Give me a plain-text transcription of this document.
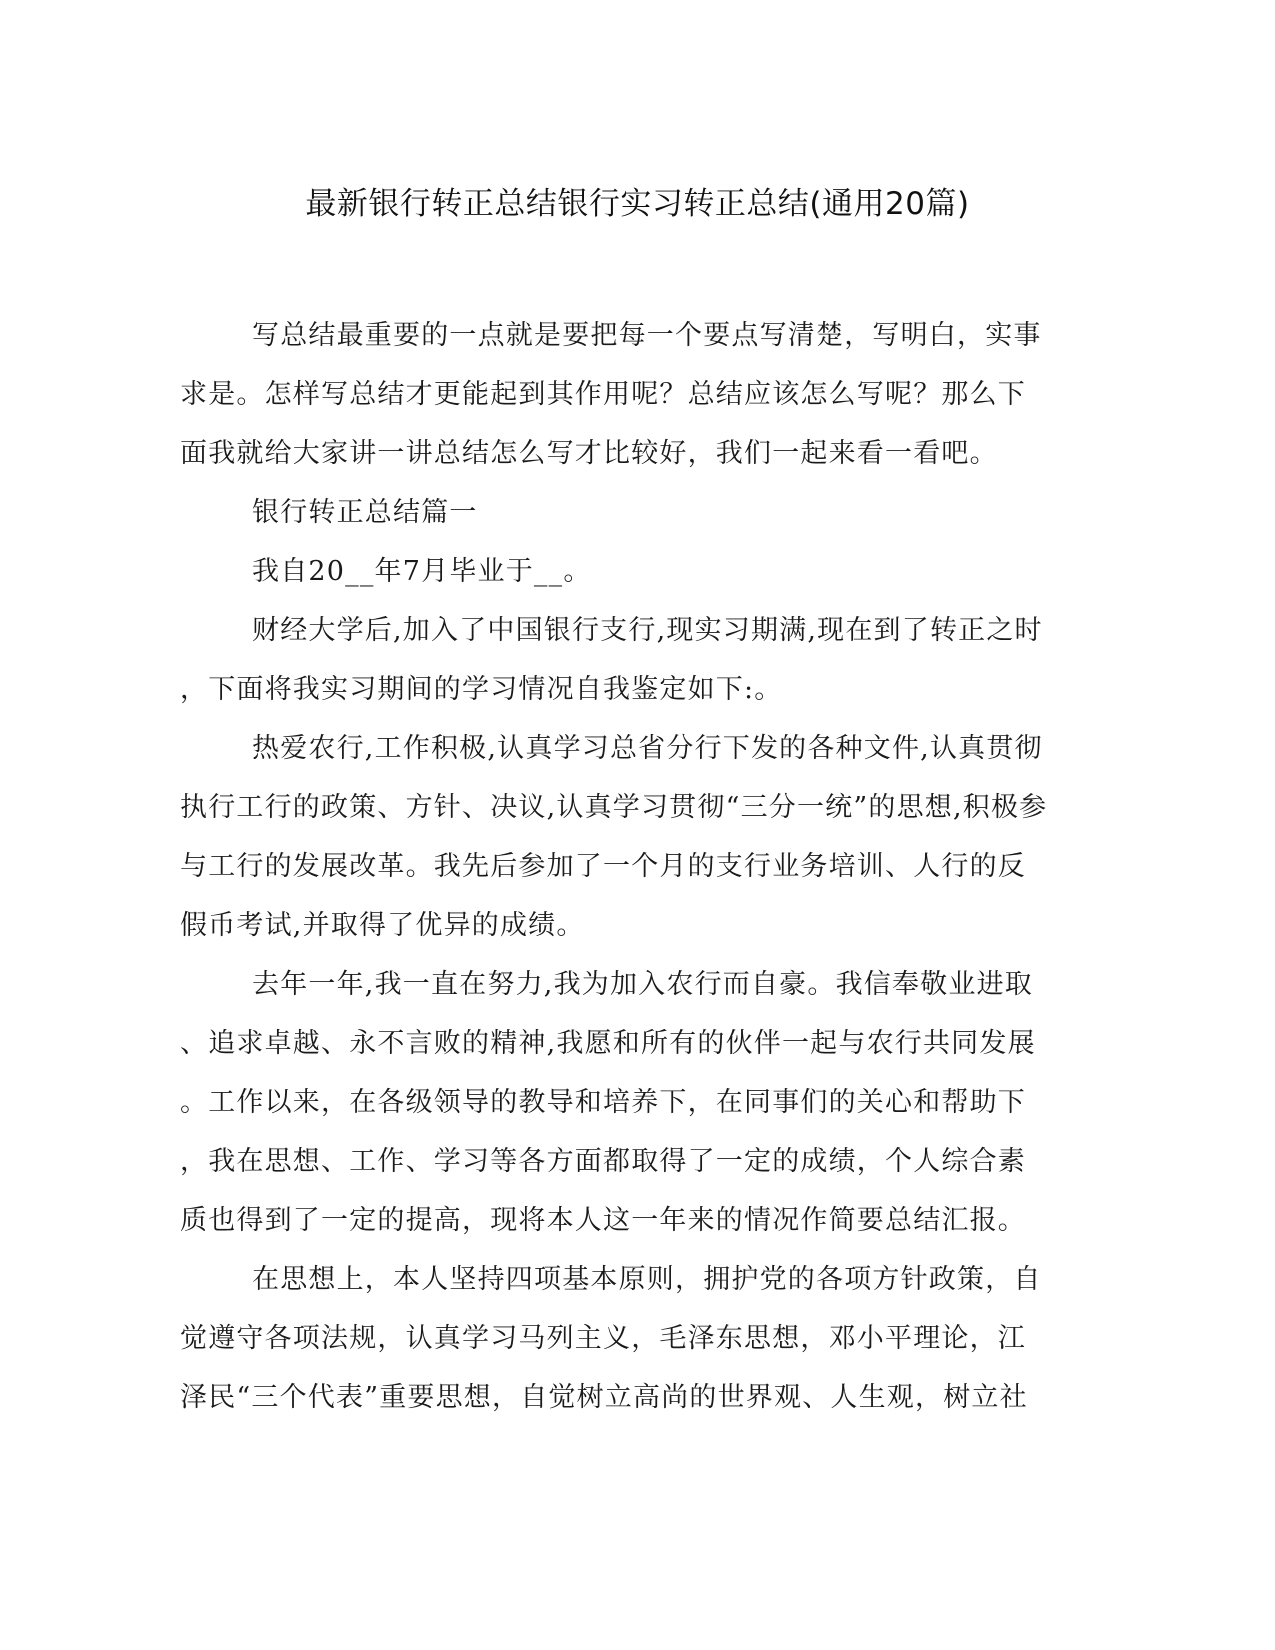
最新银行转正总结银行实习转正总结(通用20篇)
写总结最重要的一点就是要把每一个要点写清楚，写明白，实事
求是。怎样写总结才更能起到其作用呢？总结应该怎么写呢？那么下
面我就给大家讲一讲总结怎么写才比较好，我们一起来看一看吧。
银行转正总结篇一
我自20__年7月毕业于__。
财经大学后,加入了中国银行支行,现实习期满,现在到了转正之时
，下面将我实习期间的学习情况自我鉴定如下:。
热爱农行,工作积极,认真学习总省分行下发的各种文件,认真贯彻
执行工行的政策、方针、决议,认真学习贯彻“三分一统”的思想,积极参
与工行的发展改革。我先后参加了一个月的支行业务培训、人行的反
假币考试,并取得了优异的成绩。
去年一年,我一直在努力,我为加入农行而自豪。我信奉敬业进取
、追求卓越、永不言败的精神,我愿和所有的伙伴一起与农行共同发展
。工作以来，在各级领导的教导和培养下，在同事们的关心和帮助下
，我在思想、工作、学习等各方面都取得了一定的成绩，个人综合素
质也得到了一定的提高，现将本人这一年来的情况作简要总结汇报。
在思想上，本人坚持四项基本原则，拥护党的各项方针政策，自
觉遵守各项法规，认真学习马列主义，毛泽东思想，邓小平理论，江
泽民“三个代表”重要思想，自觉树立高尚的世界观、人生观，树立社
